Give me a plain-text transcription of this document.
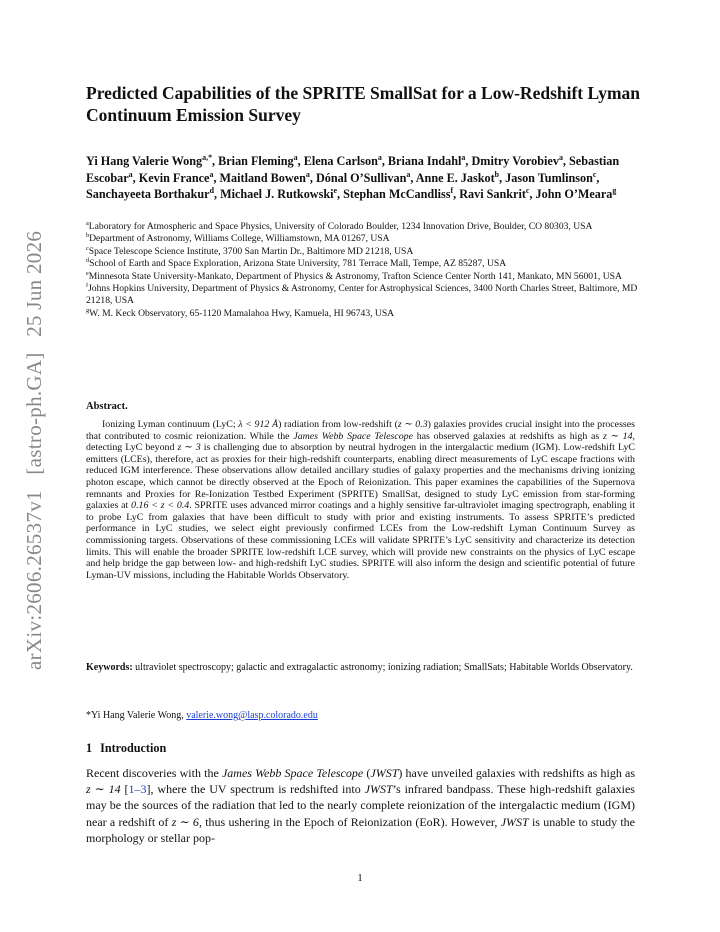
arXiv:2606.26537v1 [astro-ph.GA] 25 Jun 2026
Predicted Capabilities of the SPRITE SmallSat for a Low-Redshift Lyman Continuum Emission Survey
Yi Hang Valerie Wong$^{a,*}$, Brian Fleming$^a$, Elena Carlson$^a$, Briana Indahl$^a$, Dmitry Vorobiev$^a$, Sebastian Escobar$^a$, Kevin France$^a$, Maitland Bowen$^a$, Dónal O’Sullivan$^a$, Anne E. Jaskot$^b$, Jason Tumlinson$^c$, Sanchayeeta Borthakur$^d$, Michael J. Rutkowski$^e$, Stephan McCandliss$^f$, Ravi Sankrit$^c$, John O’Meara$^g$
$^a$Laboratory for Atmospheric and Space Physics, University of Colorado Boulder, 1234 Innovation Drive, Boulder, CO 80303, USA
$^b$Department of Astronomy, Williams College, Williamstown, MA 01267, USA
$^c$Space Telescope Science Institute, 3700 San Martin Dr., Baltimore MD 21218, USA
$^d$School of Earth and Space Exploration, Arizona State University, 781 Terrace Mall, Tempe, AZ 85287, USA
$^e$Minnesota State University-Mankato, Department of Physics & Astronomy, Trafton Science Center North 141, Mankato, MN 56001, USA
$^f$Johns Hopkins University, Department of Physics & Astronomy, Center for Astrophysical Sciences, 3400 North Charles Street, Baltimore, MD 21218, USA
$^g$W. M. Keck Observatory, 65-1120 Mamalahoa Hwy, Kamuela, HI 96743, USA
Abstract.
Ionizing Lyman continuum (LyC; λ < 912 Å) radiation from low-redshift (z ∼ 0.3) galaxies provides crucial insight into the processes that contributed to cosmic reionization. While the James Webb Space Telescope has observed galaxies at redshifts as high as z ∼ 14, detecting LyC beyond z ∼ 3 is challenging due to absorption by neutral hydrogen in the intergalactic medium (IGM). Low-redshift LyC emitters (LCEs), therefore, act as proxies for their high-redshift counterparts, enabling direct measurements of LyC escape fractions with reduced IGM interference. These observations allow detailed ancillary studies of galaxy properties and the mechanisms driving ionizing photon escape, which cannot be directly observed at the Epoch of Reionization. This paper examines the capabilities of the Supernova remnants and Proxies for Re-Ionization Testbed Experiment (SPRITE) SmallSat, designed to study LyC emission from star-forming galaxies at 0.16 < z < 0.4. SPRITE uses advanced mirror coatings and a highly sensitive far-ultraviolet imaging spectrograph, enabling it to probe LyC from galaxies that have been difficult to study with prior and existing instruments. To assess SPRITE’s predicted performance in LyC studies, we select eight previously confirmed LCEs from the Low-redshift Lyman Continuum Survey as commissioning targets. Observations of these commissioning LCEs will validate SPRITE’s LyC sensitivity and characterize its detection limits. This will enable the broader SPRITE low-redshift LCE survey, which will provide new constraints on the physics of LyC escape and help bridge the gap between low- and high-redshift LyC studies. SPRITE will also inform the design and scientific potential of future Lyman-UV missions, including the Habitable Worlds Observatory.
Keywords: ultraviolet spectroscopy; galactic and extragalactic astronomy; ionizing radiation; SmallSats; Habitable Worlds Observatory.
*Yi Hang Valerie Wong, valerie.wong@lasp.colorado.edu
1 Introduction
Recent discoveries with the James Webb Space Telescope (JWST) have unveiled galaxies with redshifts as high as z ∼ 14 [1–3], where the UV spectrum is redshifted into JWST’s infrared bandpass. These high-redshift galaxies may be the sources of the radiation that led to the nearly complete reionization of the intergalactic medium (IGM) near a redshift of z ∼ 6, thus ushering in the Epoch of Reionization (EoR). However, JWST is unable to study the morphology or stellar pop-
1
